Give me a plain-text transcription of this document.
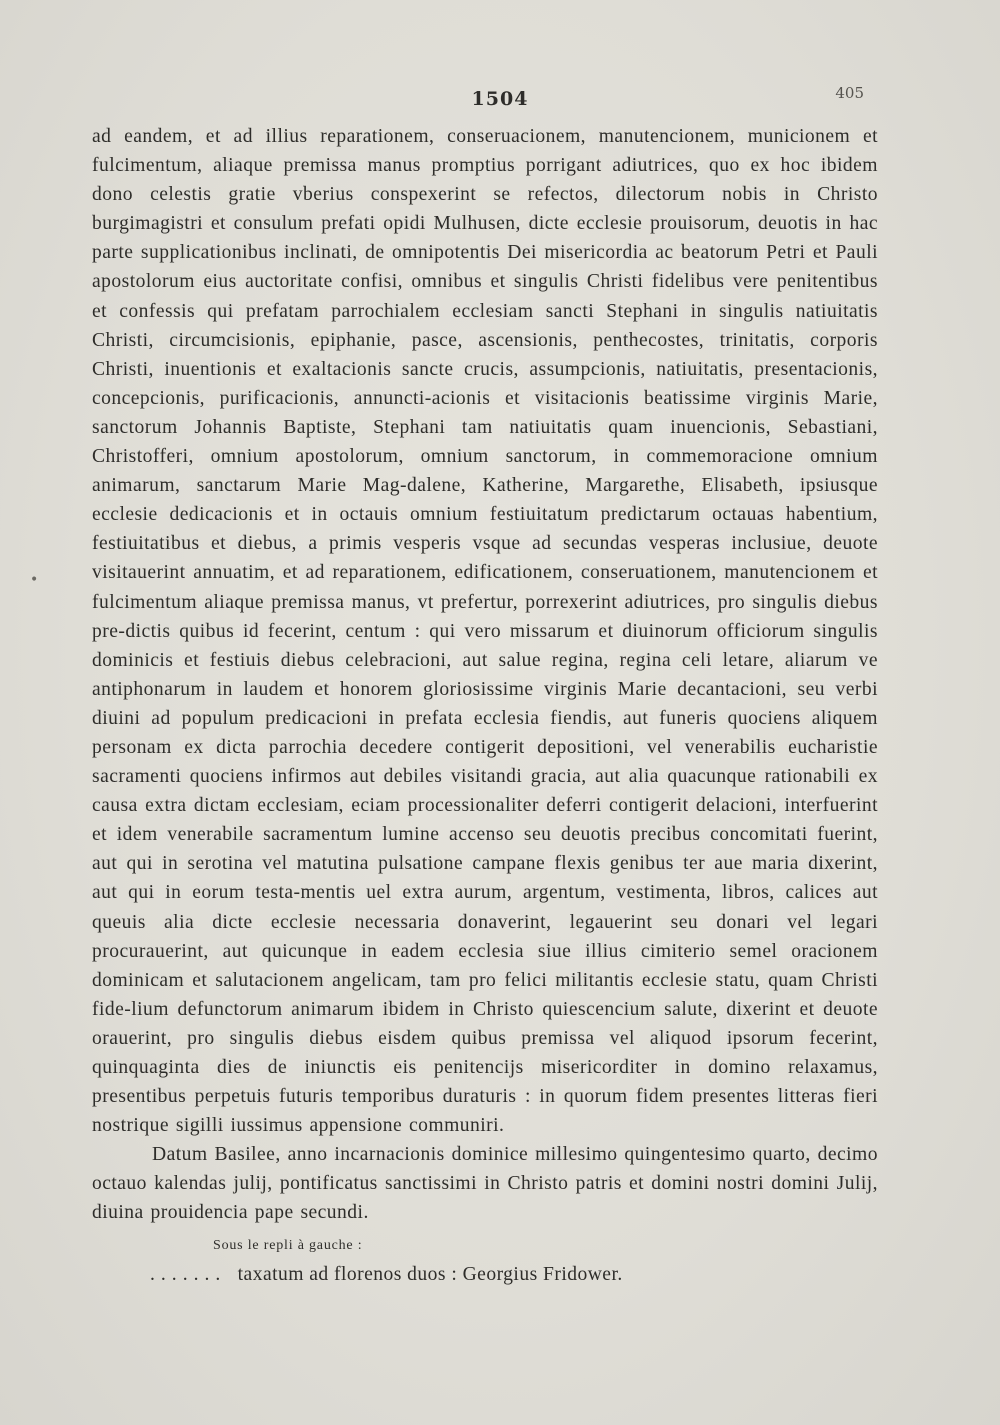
1504	405

ad eandem, et ad illius reparationem, conseruacionem, manutencionem, municionem et fulcimentum, aliaque premissa manus promptius porrigant adiutrices, quo ex hoc ibidem dono celestis gratie vberius conspexerint se refectos, dilectorum nobis in Christo burgimagistri et consulum prefati opidi Mulhusen, dicte ecclesie prouisorum, deuotis in hac parte supplicationibus inclinati, de omnipotentis Dei misericordia ac beatorum Petri et Pauli apostolorum eius auctoritate confisi, omnibus et singulis Christi fidelibus vere penitentibus et confessis qui prefatam parrochialem ecclesiam sancti Stephani in singulis natiuitatis Christi, circumcisionis, epiphanie, pasce, ascensionis, penthecostes, trinitatis, corporis Christi, inuentionis et exaltacionis sancte crucis, assumpcionis, natiuitatis, presentacionis, concepcionis, purificacionis, annuncti-acionis et visitacionis beatissime virginis Marie, sanctorum Johannis Baptiste, Stephani tam natiuitatis quam inuencionis, Sebastiani, Christofferi, omnium apostolorum, omnium sanctorum, in commemoracione omnium animarum, sanctarum Marie Mag-dalene, Katherine, Margarethe, Elisabeth, ipsiusque ecclesie dedicacionis et in octauis omnium festiuitatum predictarum octauas habentium, festiuitatibus et diebus, a primis vesperis vsque ad secundas vesperas inclusiue, deuote visitauerint annuatim, et ad reparationem, edificationem, conseruationem, manutencionem et fulcimentum aliaque premissa manus, vt prefertur, porrexerint adiutrices, pro singulis diebus pre-dictis quibus id fecerint, centum : qui vero missarum et diuinorum officiorum singulis dominicis et festiuis diebus celebracioni, aut salue regina, regina celi letare, aliarum ve antiphonarum in laudem et honorem gloriosissime virginis Marie decantacioni, seu verbi diuini ad populum predicacioni in prefata ecclesia fiendis, aut funeris quociens aliquem personam ex dicta parrochia decedere contigerit depositioni, vel venerabilis eucharistie sacramenti quociens infirmos aut debiles visitandi gracia, aut alia quacunque rationabili ex causa extra dictam ecclesiam, eciam processionaliter deferri contigerit delacioni, interfuerint et idem venerabile sacramentum lumine accenso seu deuotis precibus concomitati fuerint, aut qui in serotina vel matutina pulsatione campane flexis genibus ter aue maria dixerint, aut qui in eorum testa-mentis uel extra aurum, argentum, vestimenta, libros, calices aut queuis alia dicte ecclesie necessaria donaverint, legauerint seu donari vel legari procurauerint, aut quicunque in eadem ecclesia siue illius cimiterio semel oracionem dominicam et salutacionem angelicam, tam pro felici militantis ecclesie statu, quam Christi fide-lium defunctorum animarum ibidem in Christo quiescencium salute, dixerint et deuote orauerint, pro singulis diebus eisdem quibus premissa vel aliquod ipsorum fecerint, quinquaginta dies de iniunctis eis penitencijs misericorditer in domino relaxamus, presentibus perpetuis futuris temporibus duraturis : in quorum fidem presentes litteras fieri nostrique sigilli iussimus appensione communiri.

Datum Basilee, anno incarnacionis dominice millesimo quingentesimo quarto, decimo octauo kalendas julij, pontificatus sanctissimi in Christo patris et domini nostri domini Julij, diuina prouidencia pape secundi.

Sous le repli à gauche :
....... taxatum ad florenos duos : Georgius Fridower.
•
